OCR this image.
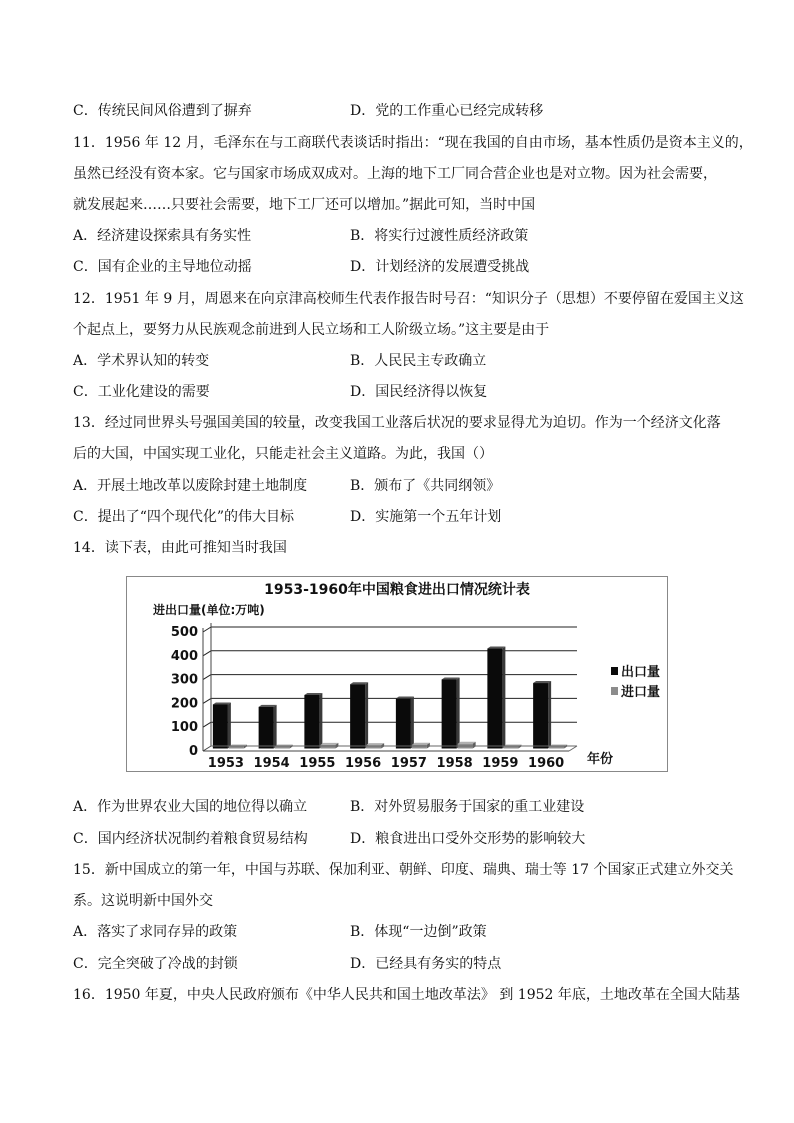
C．传统民间风俗遭到了摒弃	D．党的工作重心已经完成转移
11．1956 年 12 月，毛泽东在与工商联代表谈话时指出：“现在我国的自由市场，基本性质仍是资本主义的，
虽然已经没有资本家。它与国家市场成双成对。上海的地下工厂同合营企业也是对立物。因为社会需要，
就发展起来……只要社会需要，地下工厂还可以增加。”据此可知，当时中国
A．经济建设探索具有务实性	B．将实行过渡性质经济政策
C．国有企业的主导地位动摇	D．计划经济的发展遭受挑战
12．1951 年 9 月，周恩来在向京津高校师生代表作报告时号召：“知识分子（思想）不要停留在爱国主义这
个起点上，要努力从民族观念前进到人民立场和工人阶级立场。”这主要是由于
A．学术界认知的转变	B．人民民主专政确立
C．工业化建设的需要	D．国民经济得以恢复
13．经过同世界头号强国美国的较量，改变我国工业落后状况的要求显得尤为迫切。作为一个经济文化落
后的大国，中国实现工业化，只能走社会主义道路。为此，我国（）
A．开展土地改革以废除封建土地制度	B．颁布了《共同纲领》
C．提出了“四个现代化”的伟大目标	D．实施第一个五年计划
14．读下表，由此可推知当时我国
1953-1960年中国粮食进出口情况统计表
进出口量(单位:万吨)
年份
0
100
200
300
400
500
1953 1954 1955 1956 1957 1958 1959 1960
出口量
进口量
A．作为世界农业大国的地位得以确立	B．对外贸易服务于国家的重工业建设
C．国内经济状况制约着粮食贸易结构	D．粮食进出口受外交形势的影响较大
15．新中国成立的第一年，中国与苏联、保加利亚、朝鲜、印度、瑞典、瑞士等 17 个国家正式建立外交关
系。这说明新中国外交
A．落实了求同存异的政策	B．体现“一边倒”政策
C．完全突破了冷战的封锁	D．已经具有务实的特点
16．1950 年夏，中央人民政府颁布《中华人民共和国土地改革法》 到 1952 年底，土地改革在全国大陆基
